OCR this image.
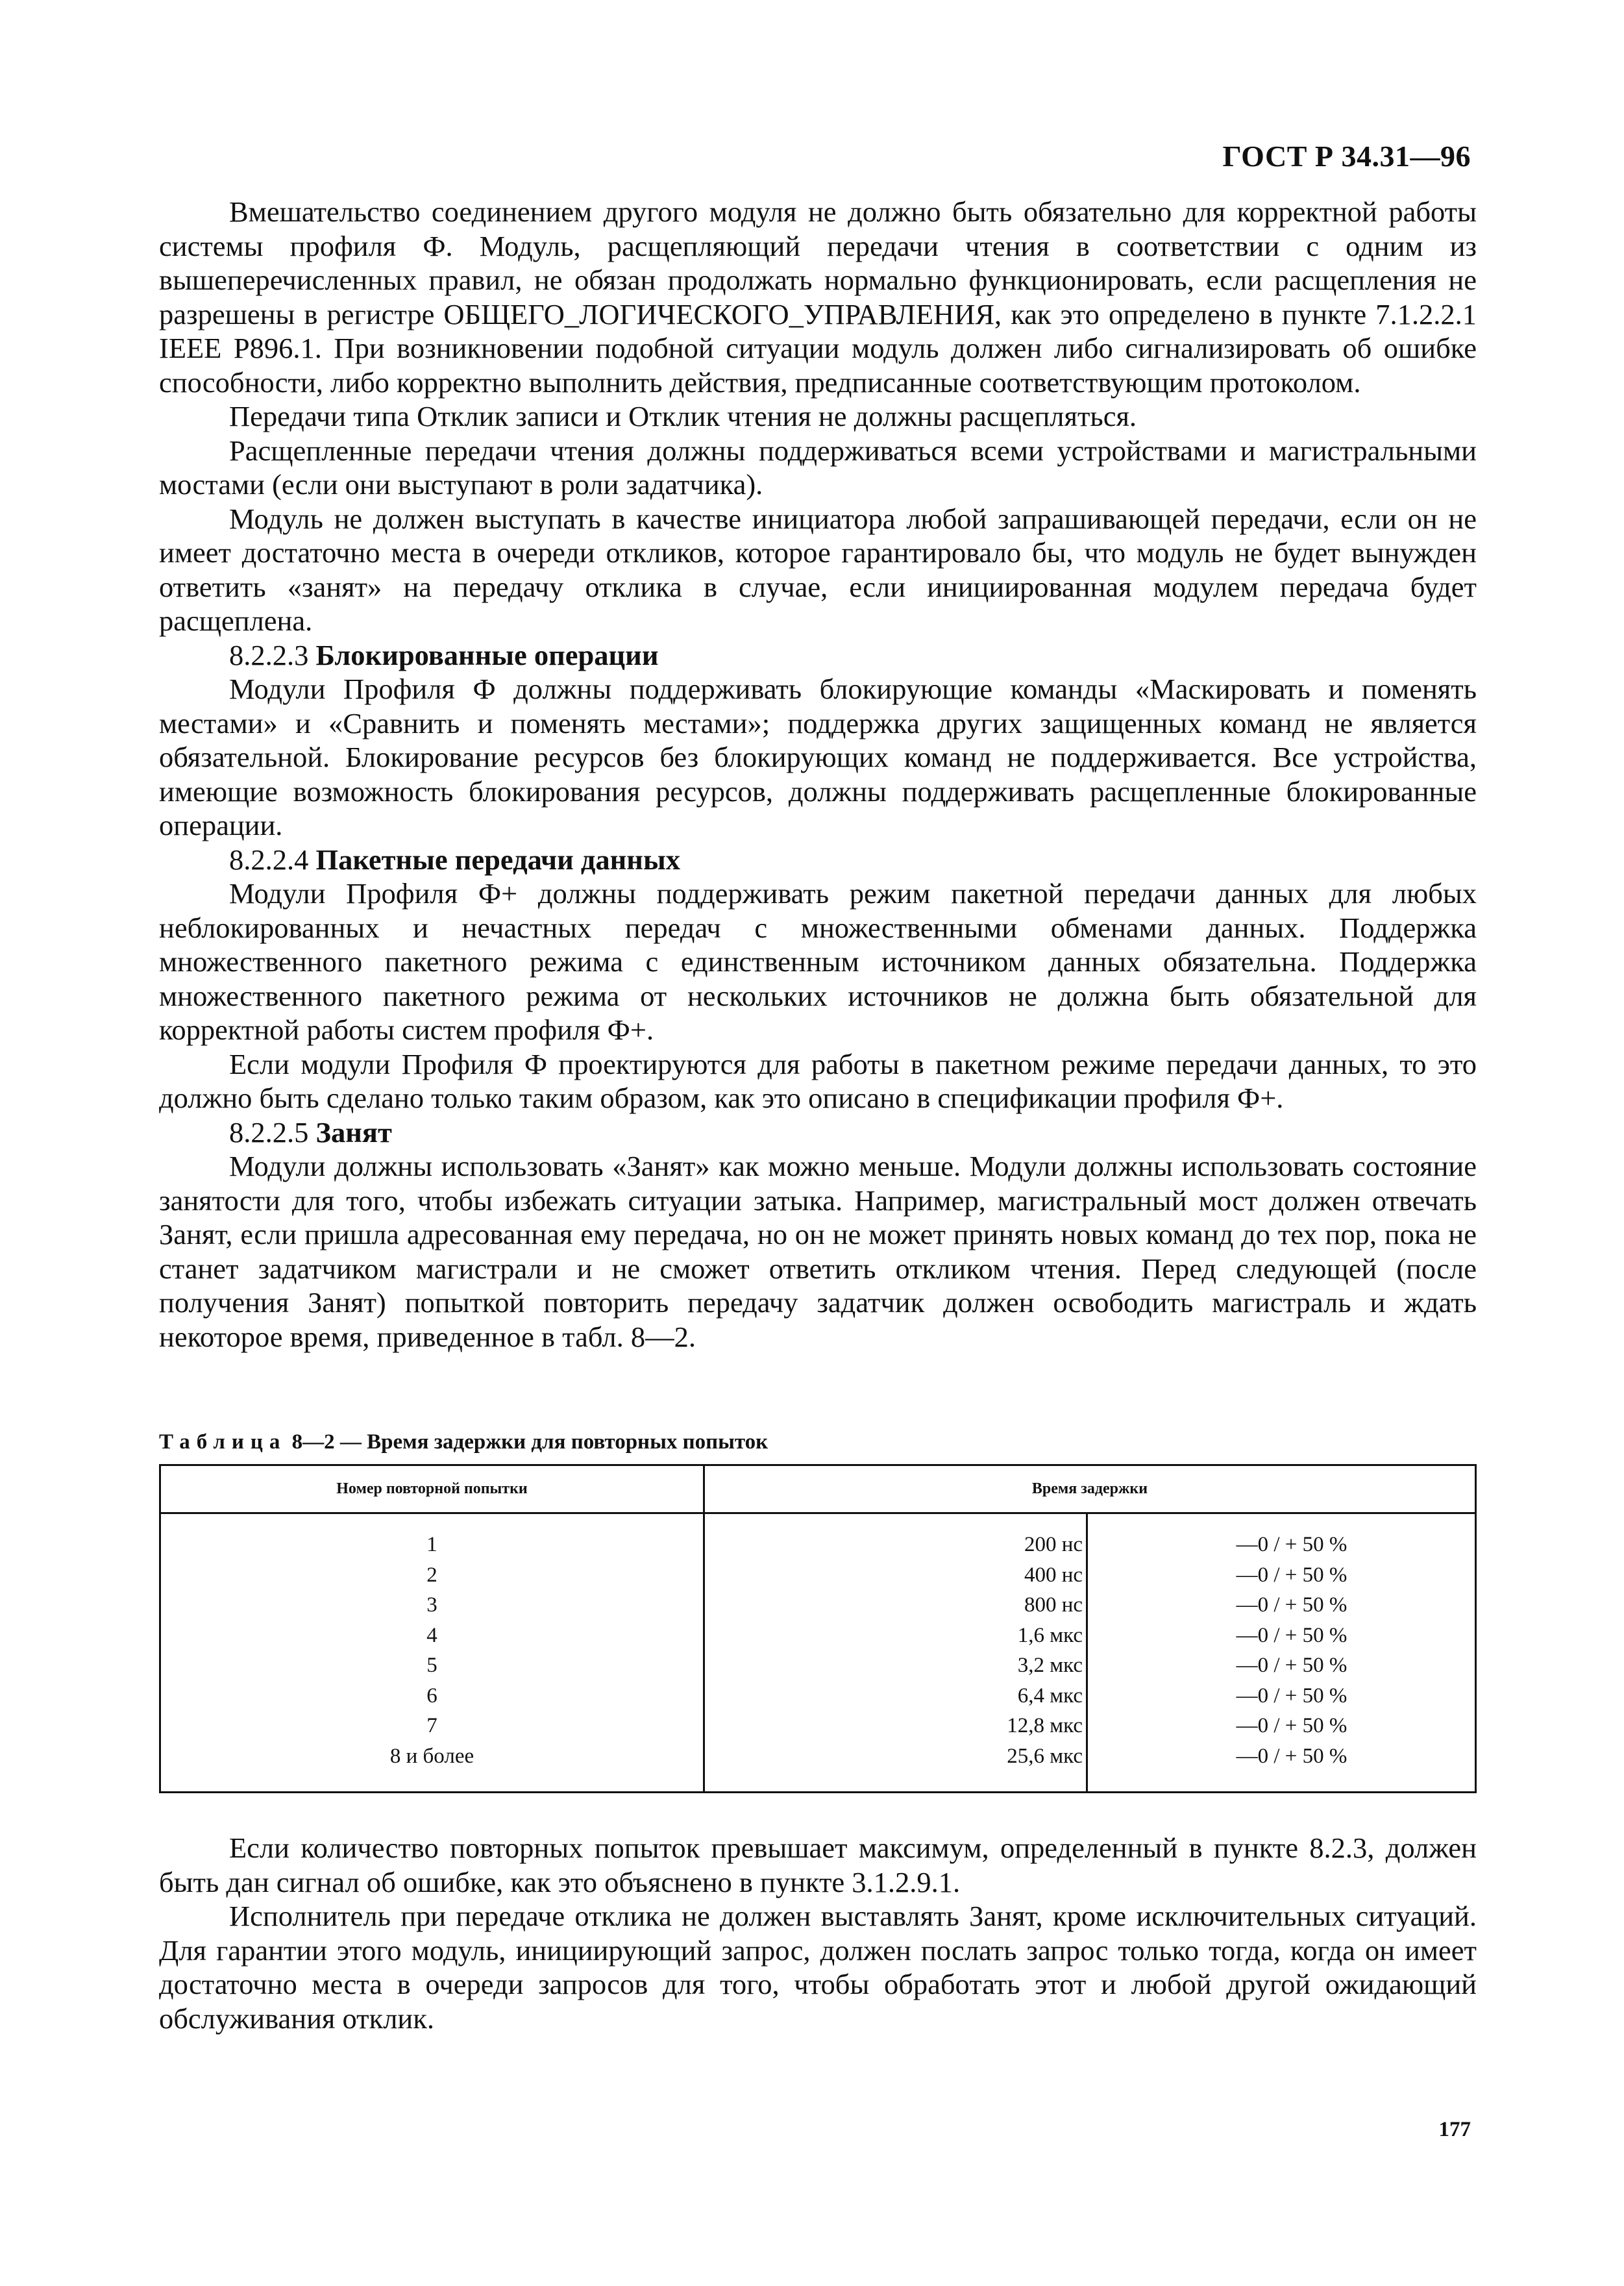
ГОСТ Р 34.31—96

Вмешательство соединением другого модуля не должно быть обязательно для корректной работы системы профиля Ф. Модуль, расщепляющий передачи чтения в соответствии с одним из вышеперечисленных правил, не обязан продолжать нормально функционировать, если расщепления не разрешены в регистре ОБЩЕГО_ЛОГИЧЕСКОГО_УПРАВЛЕНИЯ, как это определено в пункте 7.1.2.2.1 IEEE P896.1. При возникновении подобной ситуации модуль должен либо сигнализировать об ошибке способности, либо корректно выполнить действия, предписанные соответствующим протоколом.

Передачи типа Отклик записи и Отклик чтения не должны расщепляться.

Расщепленные передачи чтения должны поддерживаться всеми устройствами и магистральными мостами (если они выступают в роли задатчика).

Модуль не должен выступать в качестве инициатора любой запрашивающей передачи, если он не имеет достаточно места в очереди откликов, которое гарантировало бы, что модуль не будет вынужден ответить «занят» на передачу отклика в случае, если инициированная модулем передача будет расщеплена.

8.2.2.3 Блокированные операции

Модули Профиля Ф должны поддерживать блокирующие команды «Маскировать и поменять местами» и «Сравнить и поменять местами»; поддержка других защищенных команд не является обязательной. Блокирование ресурсов без блокирующих команд не поддерживается. Все устройства, имеющие возможность блокирования ресурсов, должны поддерживать расщепленные блокированные операции.

8.2.2.4 Пакетные передачи данных

Модули Профиля Ф+ должны поддерживать режим пакетной передачи данных для любых неблокированных и нечастных передач с множественными обменами данных. Поддержка множественного пакетного режима с единственным источником данных обязательна. Поддержка множественного пакетного режима от нескольких источников не должна быть обязательной для корректной работы систем профиля Ф+.

Если модули Профиля Ф проектируются для работы в пакетном режиме передачи данных, то это должно быть сделано только таким образом, как это описано в спецификации профиля Ф+.

8.2.2.5 Занят

Модули должны использовать «Занят» как можно меньше. Модули должны использовать состояние занятости для того, чтобы избежать ситуации затыка. Например, магистральный мост должен отвечать Занят, если пришла адресованная ему передача, но он не может принять новых команд до тех пор, пока не станет задатчиком магистрали и не сможет ответить откликом чтения. Перед следующей (после получения Занят) попыткой повторить передачу задатчик должен освободить магистраль и ждать некоторое время, приведенное в табл. 8—2.

Таблица 8—2 — Время задержки для повторных попыток
Номер повторной попытки	Время задержки
1
2
3
4
5
6
7
8 и более
200 нс
400 нс
800 нс
1,6 мкс
3,2 мкс
6,4 мкс
12,8 мкс
25,6 мкс
—0 / + 50 %
—0 / + 50 %
—0 / + 50 %
—0 / + 50 %
—0 / + 50 %
—0 / + 50 %
—0 / + 50 %
—0 / + 50 %

Если количество повторных попыток превышает максимум, определенный в пункте 8.2.3, должен быть дан сигнал об ошибке, как это объяснено в пункте 3.1.2.9.1.

Исполнитель при передаче отклика не должен выставлять Занят, кроме исключительных ситуаций. Для гарантии этого модуль, инициирующий запрос, должен послать запрос только тогда, когда он имеет достаточно места в очереди запросов для того, чтобы обработать этот и любой другой ожидающий обслуживания отклик.

177
